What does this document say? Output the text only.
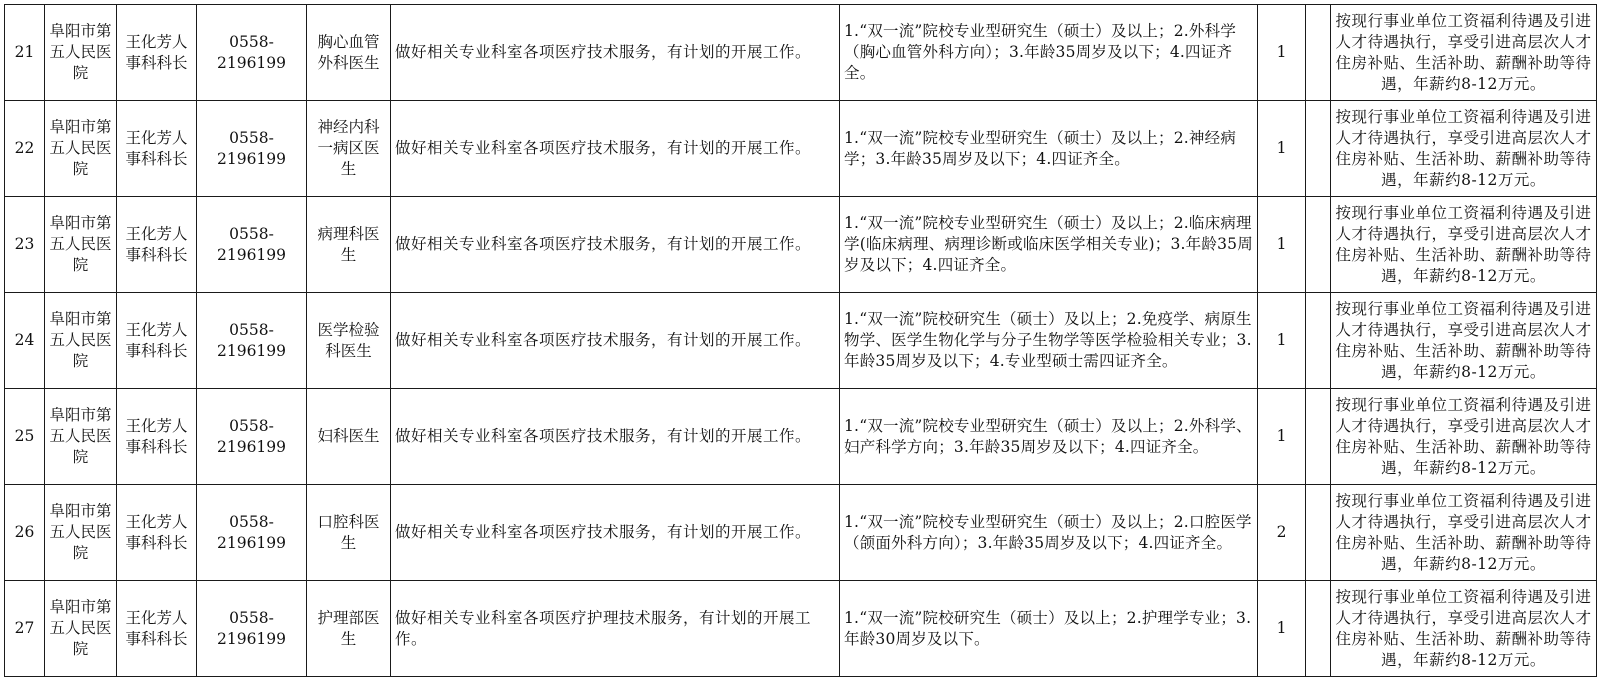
21	阜阳市第五人民医院	王化芳人事科科长	0558-2196199	胸心血管外科医生	做好相关专业科室各项医疗技术服务，有计划的开展工作。	1.“双一流”院校专业型研究生（硕士）及以上；2.外科学（胸心血管外科方向）；3.年龄35周岁及以下；4.四证齐全。	1		按现行事业单位工资福利待遇及引进人才待遇执行，享受引进高层次人才住房补贴、生活补助、薪酬补助等待遇，年薪约8-12万元。
22	阜阳市第五人民医院	王化芳人事科科长	0558-2196199	神经内科一病区医生	做好相关专业科室各项医疗技术服务，有计划的开展工作。	1.“双一流”院校专业型研究生（硕士）及以上；2.神经病学；3.年龄35周岁及以下；4.四证齐全。	1		按现行事业单位工资福利待遇及引进人才待遇执行，享受引进高层次人才住房补贴、生活补助、薪酬补助等待遇，年薪约8-12万元。
23	阜阳市第五人民医院	王化芳人事科科长	0558-2196199	病理科医生	做好相关专业科室各项医疗技术服务，有计划的开展工作。	1.“双一流”院校专业型研究生（硕士）及以上；2.临床病理学(临床病理、病理诊断或临床医学相关专业)；3.年龄35周岁及以下；4.四证齐全。	1		按现行事业单位工资福利待遇及引进人才待遇执行，享受引进高层次人才住房补贴、生活补助、薪酬补助等待遇，年薪约8-12万元。
24	阜阳市第五人民医院	王化芳人事科科长	0558-2196199	医学检验科医生	做好相关专业科室各项医疗技术服务，有计划的开展工作。	1.“双一流”院校研究生（硕士）及以上；2.免疫学、病原生物学、医学生物化学与分子生物学等医学检验相关专业；3.年龄35周岁及以下；4.专业型硕士需四证齐全。	1		按现行事业单位工资福利待遇及引进人才待遇执行，享受引进高层次人才住房补贴、生活补助、薪酬补助等待遇，年薪约8-12万元。
25	阜阳市第五人民医院	王化芳人事科科长	0558-2196199	妇科医生	做好相关专业科室各项医疗技术服务，有计划的开展工作。	1.“双一流”院校专业型研究生（硕士）及以上；2.外科学、妇产科学方向；3.年龄35周岁及以下；4.四证齐全。	1		按现行事业单位工资福利待遇及引进人才待遇执行，享受引进高层次人才住房补贴、生活补助、薪酬补助等待遇，年薪约8-12万元。
26	阜阳市第五人民医院	王化芳人事科科长	0558-2196199	口腔科医生	做好相关专业科室各项医疗技术服务，有计划的开展工作。	1.“双一流”院校专业型研究生（硕士）及以上；2.口腔医学（颌面外科方向）；3.年龄35周岁及以下；4.四证齐全。	2		按现行事业单位工资福利待遇及引进人才待遇执行，享受引进高层次人才住房补贴、生活补助、薪酬补助等待遇，年薪约8-12万元。
27	阜阳市第五人民医院	王化芳人事科科长	0558-2196199	护理部医生	做好相关专业科室各项医疗护理技术服务，有计划的开展工作。	1.“双一流”院校研究生（硕士）及以上；2.护理学专业；3.年龄30周岁及以下。	1		按现行事业单位工资福利待遇及引进人才待遇执行，享受引进高层次人才住房补贴、生活补助、薪酬补助等待遇，年薪约8-12万元。
